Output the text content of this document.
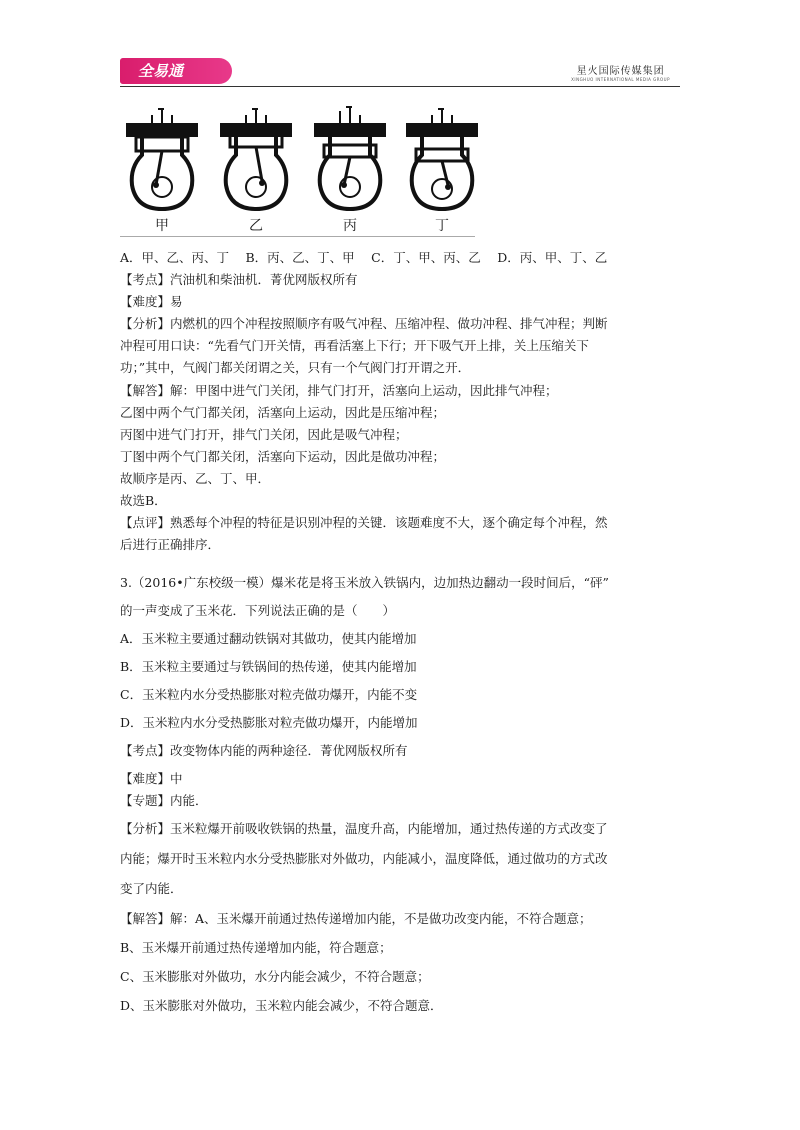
全易通	星火国际传媒集团
XINGHUO INTERNATIONAL MEDIA GROUP
甲	乙	丙	丁
A．甲、乙、丙、丁　 B．丙、乙、丁、甲　 C．丁、甲、丙、乙　 D．丙、甲、丁、乙
【考点】汽油机和柴油机．菁优网版权所有
【难度】易
【分析】内燃机的四个冲程按照顺序有吸气冲程、压缩冲程、做功冲程、排气冲程；判断
冲程可用口诀：“先看气门开关情，再看活塞上下行；开下吸气开上排，关上压缩关下
功；”其中，气阀门都关闭谓之关，只有一个气阀门打开谓之开．
【解答】解：甲图中进气门关闭，排气门打开，活塞向上运动，因此排气冲程；
乙图中两个气门都关闭，活塞向上运动，因此是压缩冲程；
丙图中进气门打开，排气门关闭，因此是吸气冲程；
丁图中两个气门都关闭，活塞向下运动，因此是做功冲程；
故顺序是丙、乙、丁、甲．
故选B．
【点评】熟悉每个冲程的特征是识别冲程的关键．该题难度不大，逐个确定每个冲程，然
后进行正确排序．
3.（2016•广东校级一模）爆米花是将玉米放入铁锅内，边加热边翻动一段时间后，“砰”
的一声变成了玉米花．下列说法正确的是（　　）
A．玉米粒主要通过翻动铁锅对其做功，使其内能增加
B．玉米粒主要通过与铁锅间的热传递，使其内能增加
C．玉米粒内水分受热膨胀对粒壳做功爆开，内能不变
D．玉米粒内水分受热膨胀对粒壳做功爆开，内能增加
【考点】改变物体内能的两种途径．菁优网版权所有
【难度】中
【专题】内能．
【分析】玉米粒爆开前吸收铁锅的热量，温度升高，内能增加，通过热传递的方式改变了
内能；爆开时玉米粒内水分受热膨胀对外做功，内能减小，温度降低，通过做功的方式改
变了内能．
【解答】解：A、玉米爆开前通过热传递增加内能，不是做功改变内能，不符合题意；
B、玉米爆开前通过热传递增加内能，符合题意；
C、玉米膨胀对外做功，水分内能会减少，不符合题意；
D、玉米膨胀对外做功，玉米粒内能会减少，不符合题意．
